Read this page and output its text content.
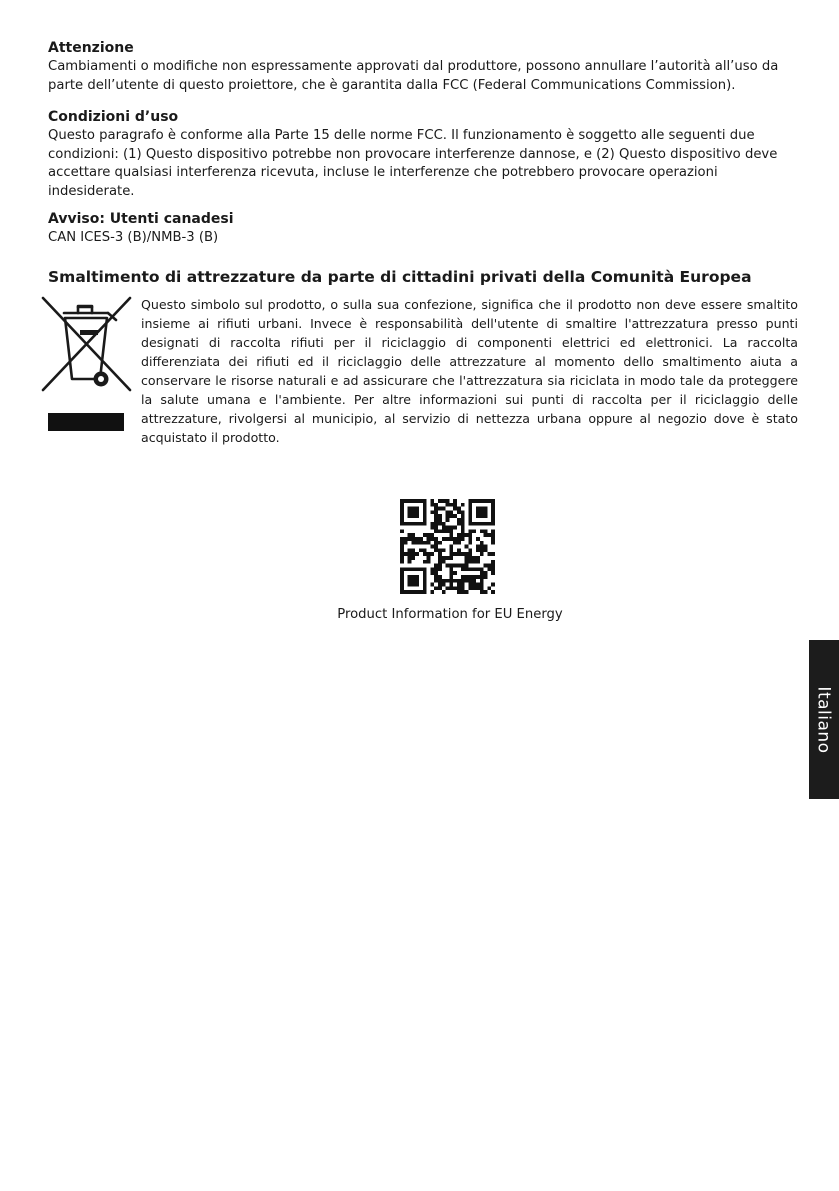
Attenzione

Cambiamenti o modifiche non espressamente approvati dal produttore, possono annullare l’autorità all’uso da parte dell’utente di questo proiettore, che è garantita dalla FCC (Federal Communications Commission).

Condizioni d’uso

Questo paragrafo è conforme alla Parte 15 delle norme FCC. Il funzionamento è soggetto alle seguenti due condizioni: (1) Questo dispositivo potrebbe non provocare interferenze dannose, e (2) Questo dispositivo deve accettare qualsiasi interferenza ricevuta, incluse le interferenze che potrebbero provocare operazioni indesiderate.

Avviso: Utenti canadesi

CAN ICES-3 (B)/NMB-3 (B)

Smaltimento di attrezzature da parte di cittadini privati della Comunità Europea

Questo simbolo sul prodotto, o sulla sua confezione, significa che il prodotto non deve essere smaltito insieme ai rifiuti urbani. Invece è responsabilità dell'utente di smaltire l'attrezzatura presso punti designati di raccolta rifiuti per il riciclaggio di componenti elettrici ed elettronici. La raccolta differenziata dei rifiuti ed il riciclaggio delle attrezzature al momento dello smaltimento aiuta a conservare le risorse naturali e ad assicurare che l'attrezzatura sia riciclata in modo tale da proteggere la salute umana e l'ambiente. Per altre informazioni sui punti di raccolta per il riciclaggio delle attrezzature, rivolgersi al municipio, al servizio di nettezza urbana oppure al negozio dove è stato acquistato il prodotto.

Product Information for EU Energy

Italiano
